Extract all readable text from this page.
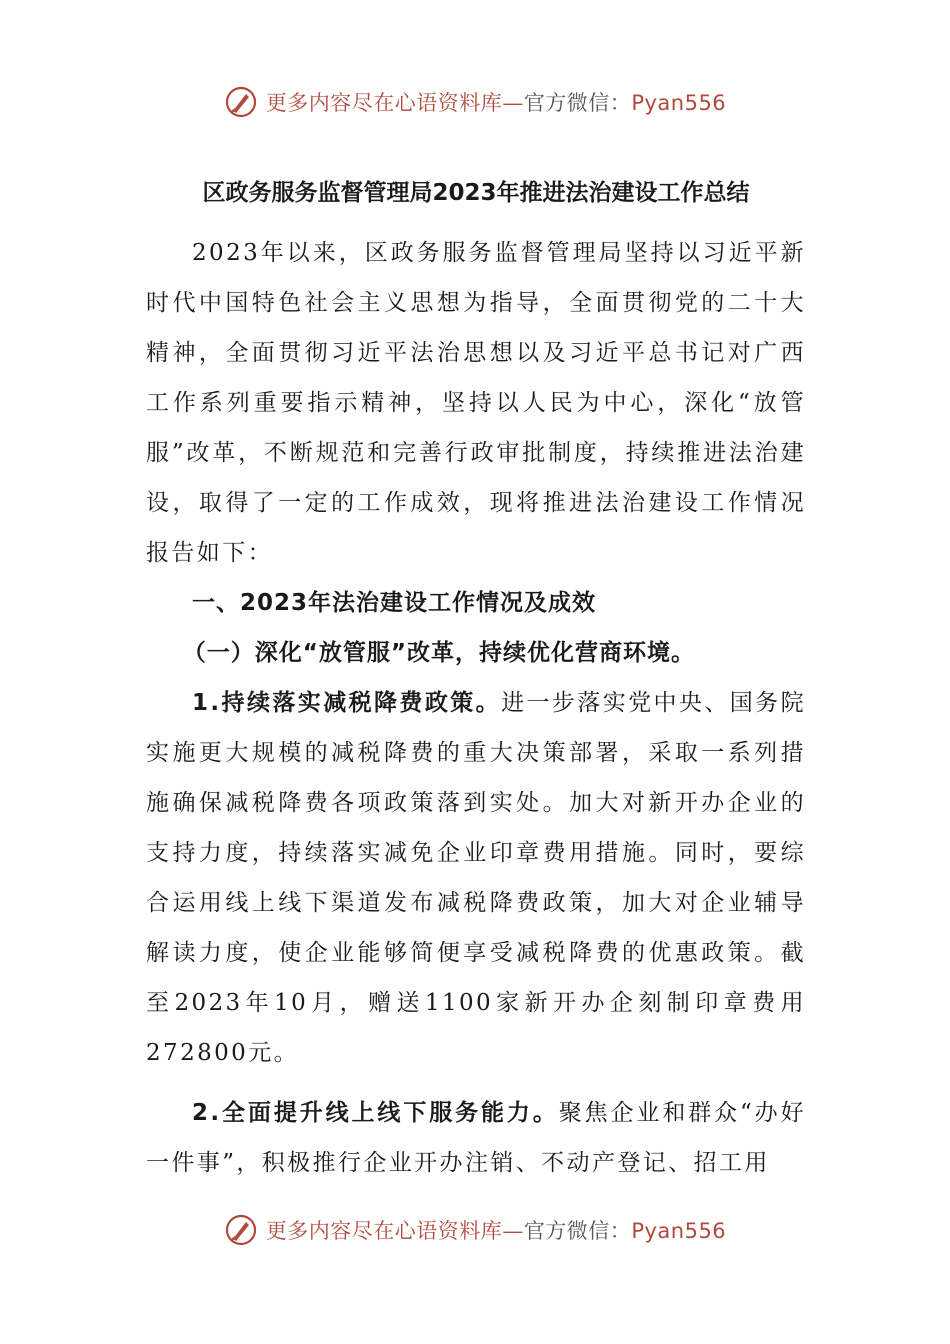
更多内容尽在心语资料库—官方微信：Pyan556
区政务服务监督管理局2023年推进法治建设工作总结

2023年以来，区政务服务监督管理局坚持以习近平新时代中国特色社会主义思想为指导，全面贯彻党的二十大精神，全面贯彻习近平法治思想以及习近平总书记对广西工作系列重要指示精神，坚持以人民为中心，深化“放管服”改革，不断规范和完善行政审批制度，持续推进法治建设，取得了一定的工作成效，现将推进法治建设工作情况报告如下：

一、2023年法治建设工作情况及成效
（一）深化“放管服”改革，持续优化营商环境。

1.持续落实减税降费政策。进一步落实党中央、国务院实施更大规模的减税降费的重大决策部署，采取一系列措施确保减税降费各项政策落到实处。加大对新开办企业的支持力度，持续落实减免企业印章费用措施。同时，要综合运用线上线下渠道发布减税降费政策，加大对企业辅导解读力度，使企业能够简便享受减税降费的优惠政策。截至2023年10月，赠送1100家新开办企刻制印章费用272800元。

2.全面提升线上线下服务能力。聚焦企业和群众“办好一件事”，积极推行企业开办注销、不动产登记、招工用

更多内容尽在心语资料库—官方微信：Pyan556
